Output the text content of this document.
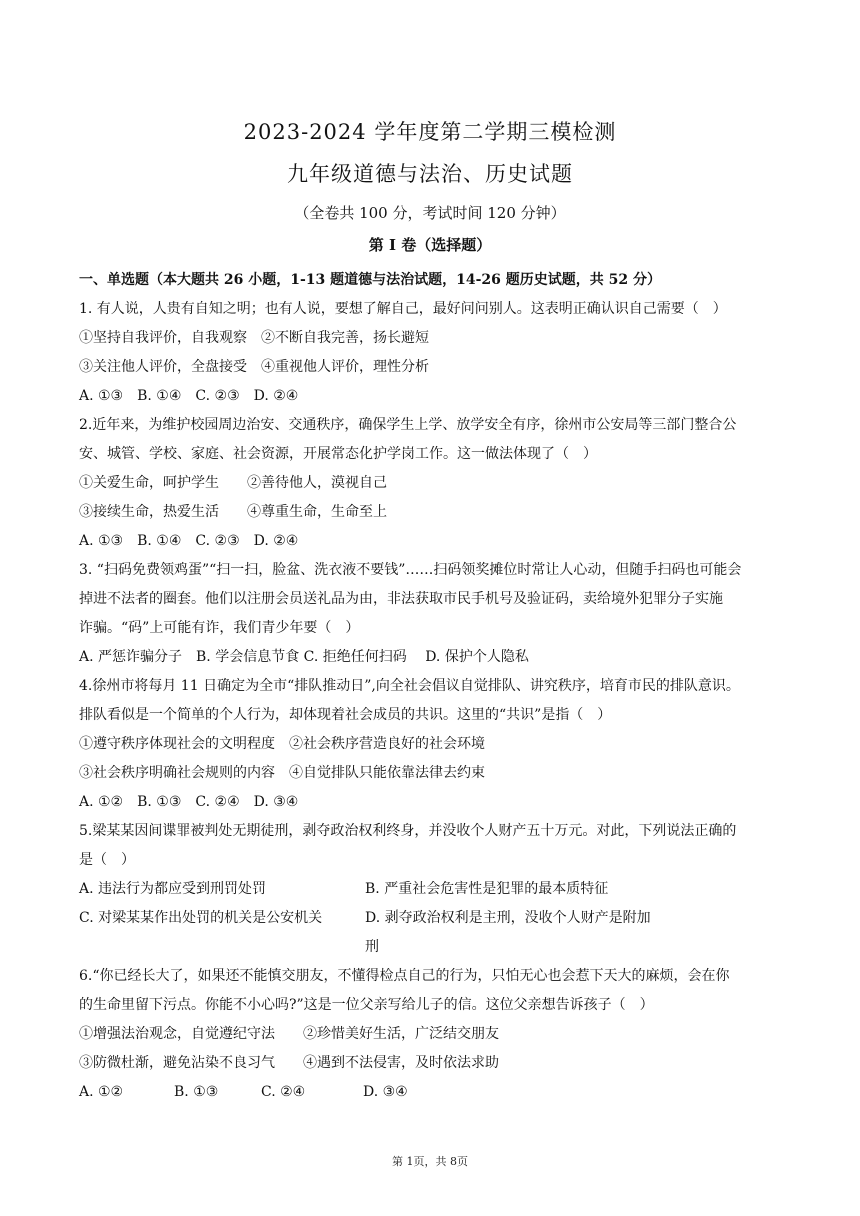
2023-2024 学年度第二学期三模检测
九年级道德与法治、历史试题
（全卷共 100 分，考试时间 120 分钟）
第 I 卷（选择题）
一、单选题（本大题共 26 小题，1-13 题道德与法治试题，14-26 题历史试题，共 52 分）
1. 有人说，人贵有自知之明；也有人说，要想了解自己，最好问问别人。这表明正确认识自己需要（　）
①坚持自我评价，自我观察　②不断自我完善，扬长避短
③关注他人评价，全盘接受　④重视他人评价，理性分析
A. ①③　B. ①④　C. ②③　D. ②④
2.近年来，为维护校园周边治安、交通秩序，确保学生上学、放学安全有序，徐州市公安局等三部门整合公
安、城管、学校、家庭、社会资源，开展常态化护学岗工作。这一做法体现了（　）
①关爱生命，呵护学生　　②善待他人，漠视自己
③接续生命，热爱生活　　④尊重生命，生命至上
A. ①③　B. ①④　C. ②③　D. ②④
3. “扫码免费领鸡蛋”“扫一扫，脸盆、洗衣液不要钱”……扫码领奖摊位时常让人心动，但随手扫码也可能会
掉进不法者的圈套。他们以注册会员送礼品为由，非法获取市民手机号及验证码，卖给境外犯罪分子实施
诈骗。“码”上可能有诈，我们青少年要（　）
A. 严惩诈骗分子　B. 学会信息节食 C. 拒绝任何扫码　 D. 保护个人隐私
4.徐州市将每月 11 日确定为全市“排队推动日”,向全社会倡议自觉排队、讲究秩序，培育市民的排队意识。
排队看似是一个简单的个人行为，却体现着社会成员的共识。这里的“共识”是指（　）
①遵守秩序体现社会的文明程度　②社会秩序营造良好的社会环境
③社会秩序明确社会规则的内容　④自觉排队只能依靠法律去约束
A. ①②　B. ①③　C. ②④　D. ③④
5.梁某某因间谍罪被判处无期徒刑，剥夺政治权利终身，并没收个人财产五十万元。对此，下列说法正确的
是（　）
A. 违法行为都应受到刑罚处罚	B. 严重社会危害性是犯罪的最本质特征
C. 对梁某某作出处罚的机关是公安机关	D. 剥夺政治权利是主刑，没收个人财产是附加刑
6.“你已经长大了，如果还不能慎交朋友，不懂得检点自己的行为，只怕无心也会惹下天大的麻烦，会在你
的生命里留下污点。你能不小心吗?”这是一位父亲写给儿子的信。这位父亲想告诉孩子（　）
①增强法治观念，自觉遵纪守法　　②珍惜美好生活，广泛结交朋友
③防微杜渐，避免沾染不良习气　　④遇到不法侵害，及时依法求助
A. ①②	B. ①③	C. ②④	D. ③④
第 1页，共 8页
